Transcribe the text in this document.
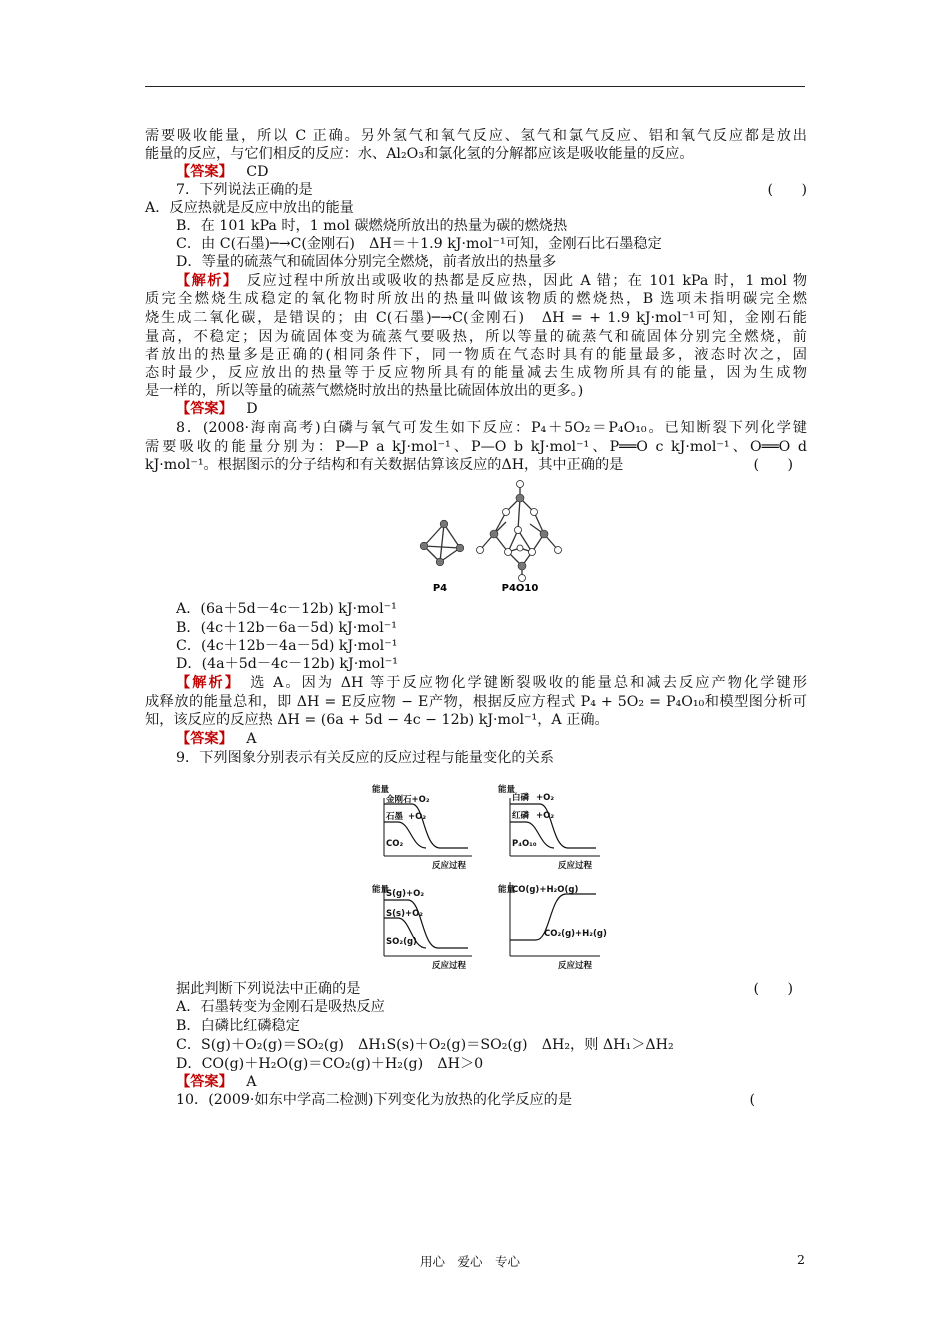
需要吸收能量，所以 C 正确。另外氢气和氧气反应、氢气和氯气反应、铝和氧气反应都是放出
能量的反应，与它们相反的反应：水、Al₂O₃和氯化氢的分解都应该是吸收能量的反应。
【答案】 CD
7．下列说法正确的是	(　　)
A．反应热就是反应中放出的能量
B．在 101 kPa 时，1 mol 碳燃烧所放出的热量为碳的燃烧热
C．由 C(石墨)─→C(金刚石)　ΔH＝＋1.9 kJ·mol⁻¹可知，金刚石比石墨稳定
D．等量的硫蒸气和硫固体分别完全燃烧，前者放出的热量多
【解析】　反应过程中所放出或吸收的热都是反应热，因此 A 错；在 101 kPa 时，1 mol 物
质完全燃烧生成稳定的氧化物时所放出的热量叫做该物质的燃烧热，B 选项未指明碳完全燃
烧生成二氧化碳，是错误的；由 C(石墨)─→C(金刚石)　ΔH = + 1.9 kJ·mol⁻¹可知，金刚石能
量高，不稳定；因为硫固体变为硫蒸气要吸热，所以等量的硫蒸气和硫固体分别完全燃烧，前
者放出的热量多是正确的(相同条件下，同一物质在气态时具有的能量最多，液态时次之，固
态时最少，反应放出的热量等于反应物所具有的能量减去生成物所具有的能量，因为生成物
是一样的，所以等量的硫蒸气燃烧时放出的热量比硫固体放出的更多。)
【答案】 D
8．(2008·海南高考)白磷与氧气可发生如下反应：P₄＋5O₂＝P₄O₁₀。已知断裂下列化学键
需要吸收的能量分别为：P—P a kJ·mol⁻¹、P—O b kJ·mol⁻¹、P══O c kJ·mol⁻¹、O══O d
kJ·mol⁻¹。根据图示的分子结构和有关数据估算该反应的ΔH，其中正确的是	(　　)
P4	P4O10
A．(6a＋5d－4c－12b) kJ·mol⁻¹
B．(4c＋12b－6a－5d) kJ·mol⁻¹
C．(4c＋12b－4a－5d) kJ·mol⁻¹
D．(4a＋5d－4c－12b) kJ·mol⁻¹
【解析】　选 A。因为 ΔH 等于反应物化学键断裂吸收的能量总和减去反应产物化学键形
成释放的能量总和，即 ΔH = E反应物 − E产物，根据反应方程式 P₄ + 5O₂ = P₄O₁₀和模型图分析可
知，该反应的反应热 ΔH = (6a + 5d − 4c − 12b) kJ·mol⁻¹，A 正确。
【答案】 A
9．下列图象分别表示有关反应的反应过程与能量变化的关系
能量
金刚石+O₂
石墨 +O₂
CO₂
反应过程
能量
白磷 +O₂
红磷 +O₂
P₄O₁₀
反应过程
能量
S(g)+O₂
S(s)+O₂
SO₂(g)
反应过程
能量
CO(g)+H₂O(g)
CO₂(g)+H₂(g)
反应过程
据此判断下列说法中正确的是	(　　)
A．石墨转变为金刚石是吸热反应
B．白磷比红磷稳定
C．S(g)＋O₂(g)＝SO₂(g)　ΔH₁S(s)＋O₂(g)＝SO₂(g)　ΔH₂，则 ΔH₁＞ΔH₂
D．CO(g)＋H₂O(g)＝CO₂(g)＋H₂(g)　ΔH＞0
【答案】 A
10．(2009·如东中学高二检测)下列变化为放热的化学反应的是	(
用心　爱心　专心	2
